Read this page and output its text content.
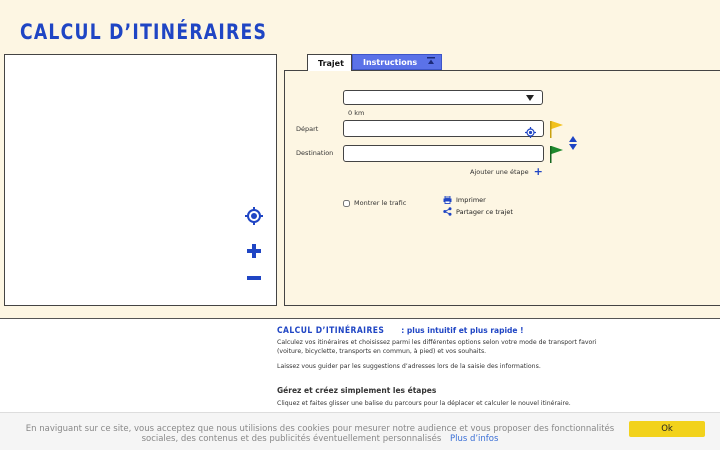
CALCUL D’ITINÉRAIRES
Trajet Instructions
0 km
Départ
Destination
Ajouter une étape +
Montrer le trafic	Imprimer
Partager ce trajet
CALCUL D’ITINÉRAIRES : plus intuitif et plus rapide !

Calculez vos itinéraires et choisissez parmi les différentes options selon votre mode de transport favori (voiture, bicyclette, transports en commun, à pied) et vos souhaits.

Laissez vous guider par les suggestions d’adresses lors de la saisie des informations.

Gérez et créez simplement les étapes

Cliquez et faites glisser une balise du parcours pour la déplacer et calculer le nouvel itinéraire.

En naviguant sur ce site, vous acceptez que nous utilisions des cookies pour mesurer notre audience et vous proposer des fonctionnalités sociales, des contenus et des publicités éventuellement personnalisés Plus d’infos
Ok
